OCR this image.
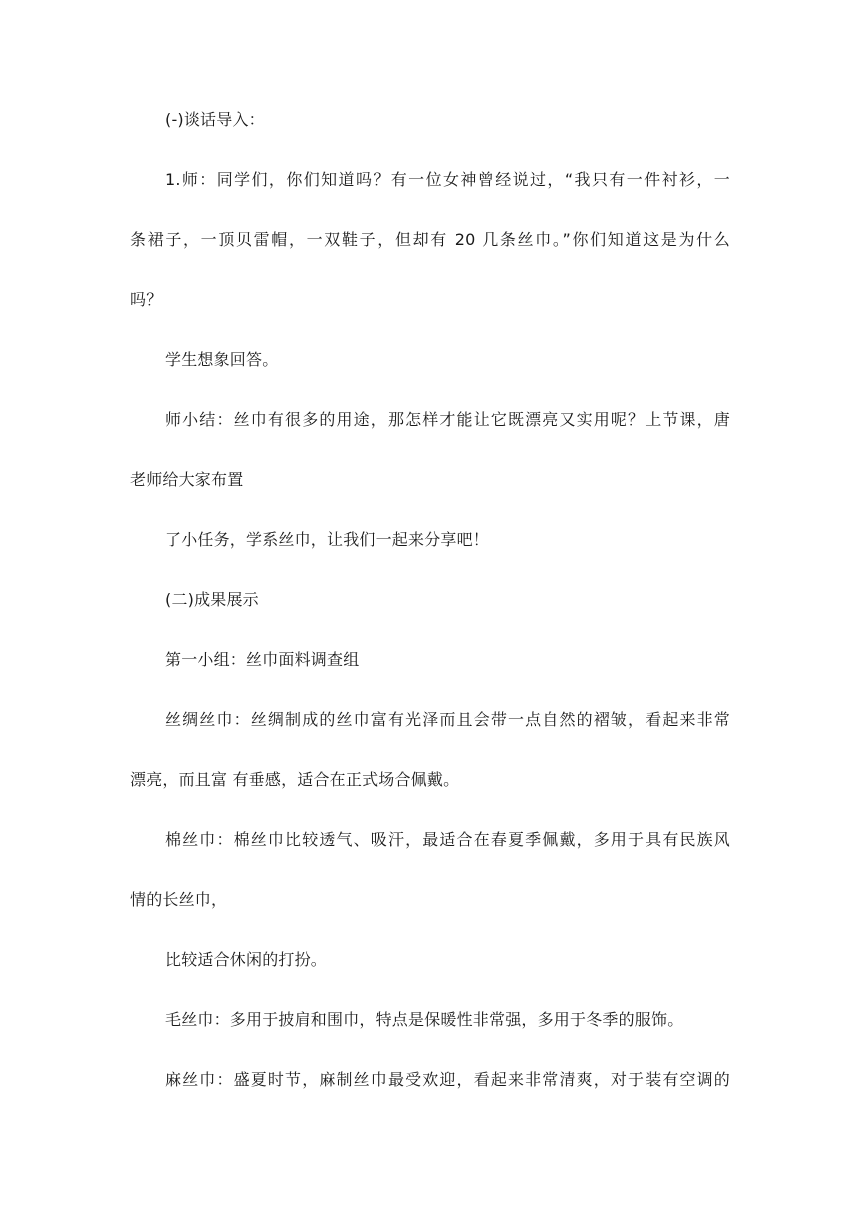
(-)谈话导入：
1.师：同学们，你们知道吗？有一位女神曾经说过，“我只有一件衬衫，一
条裙子，一顶贝雷帽，一双鞋子，但却有 20 几条丝巾。”你们知道这是为什么
吗？
学生想象回答。
师小结：丝巾有很多的用途，那怎样才能让它既漂亮又实用呢？上节课，唐
老师给大家布置
了小任务，学系丝巾，让我们一起来分享吧！
(二)成果展示
第一小组：丝巾面料调查组
丝绸丝巾：丝绸制成的丝巾富有光泽而且会带一点自然的褶皱，看起来非常
漂亮，而且富 有垂感，适合在正式场合佩戴。
棉丝巾：棉丝巾比较透气、吸汗，最适合在春夏季佩戴，多用于具有民族风
情的长丝巾，
比较适合休闲的打扮。
毛丝巾：多用于披肩和围巾，特点是保暖性非常强，多用于冬季的服饰。
麻丝巾：盛夏时节，麻制丝巾最受欢迎，看起来非常清爽，对于装有空调的
